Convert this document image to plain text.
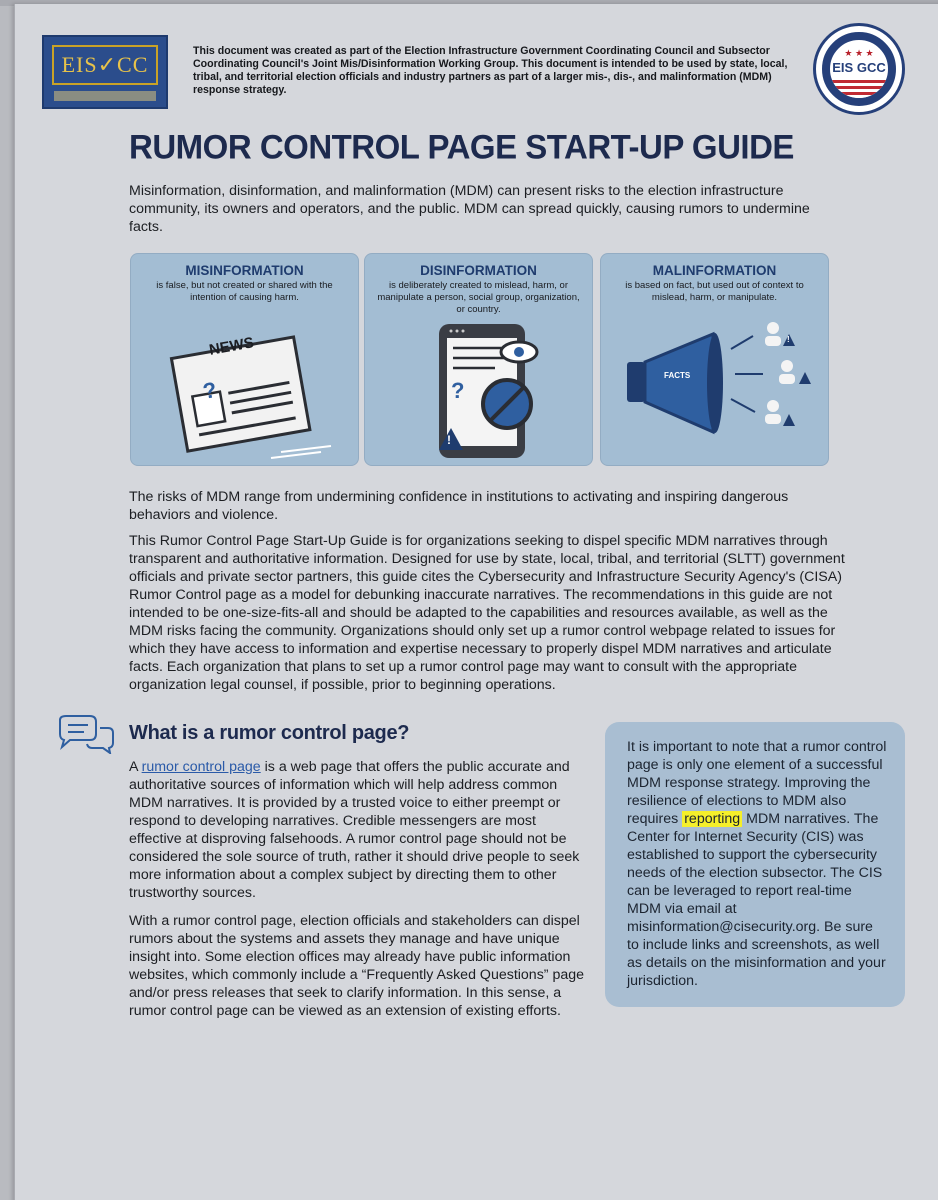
EIS✓CC
This document was created as part of the Election Infrastructure Government Coordinating Council and Subsector Coordinating Council's Joint Mis/Disinformation Working Group. This document is intended to be used by state, local, tribal, and territorial election officials and industry partners as part of a larger mis-, dis-, and malinformation (MDM) response strategy.
★ ★ ★
EIS GCC
RUMOR CONTROL PAGE START-UP GUIDE
Misinformation, disinformation, and malinformation (MDM) can present risks to the election infrastructure community, its owners and operators, and the public. MDM can spread quickly, causing rumors to undermine facts.
MISINFORMATION
is false, but not created or shared with the intention of causing harm.
NEWS
?
DISINFORMATION
is deliberately created to mislead, harm, or manipulate a person, social group, organization, or country.
?
!
MALINFORMATION
is based on fact, but used out of context to mislead, harm, or manipulate.
FACTS
!
The risks of MDM range from undermining confidence in institutions to activating and inspiring dangerous behaviors and violence.
This Rumor Control Page Start-Up Guide is for organizations seeking to dispel specific MDM narratives through transparent and authoritative information. Designed for use by state, local, tribal, and territorial (SLTT) government officials and private sector partners, this guide cites the Cybersecurity and Infrastructure Security Agency's (CISA) Rumor Control page as a model for debunking inaccurate narratives. The recommendations in this guide are not intended to be one-size-fits-all and should be adapted to the capabilities and resources available, as well as the MDM risks facing the community. Organizations should only set up a rumor control webpage related to issues for which they have access to information and expertise necessary to properly dispel MDM narratives and articulate facts. Each organization that plans to set up a rumor control page may want to consult with the appropriate organization legal counsel, if possible, prior to beginning operations.
What is a rumor control page?
A rumor control page is a web page that offers the public accurate and authoritative sources of information which will help address common MDM narratives. It is provided by a trusted voice to either preempt or respond to developing narratives. Credible messengers are most effective at disproving falsehoods. A rumor control page should not be considered the sole source of truth, rather it should drive people to seek more information about a complex subject by directing them to other trustworthy sources.
With a rumor control page, election officials and stakeholders can dispel rumors about the systems and assets they manage and have unique insight into. Some election offices may already have public information websites, which commonly include a “Frequently Asked Questions” page and/or press releases that seek to clarify information. In this sense, a rumor control page can be viewed as an extension of existing efforts.
It is important to note that a rumor control page is only one element of a successful MDM response strategy. Improving the resilience of elections to MDM also requires reporting MDM narratives. The Center for Internet Security (CIS) was established to support the cybersecurity needs of the election subsector. The CIS can be leveraged to report real-time MDM via email at misinformation@cisecurity.org. Be sure to include links and screenshots, as well as details on the misinformation and your jurisdiction.
